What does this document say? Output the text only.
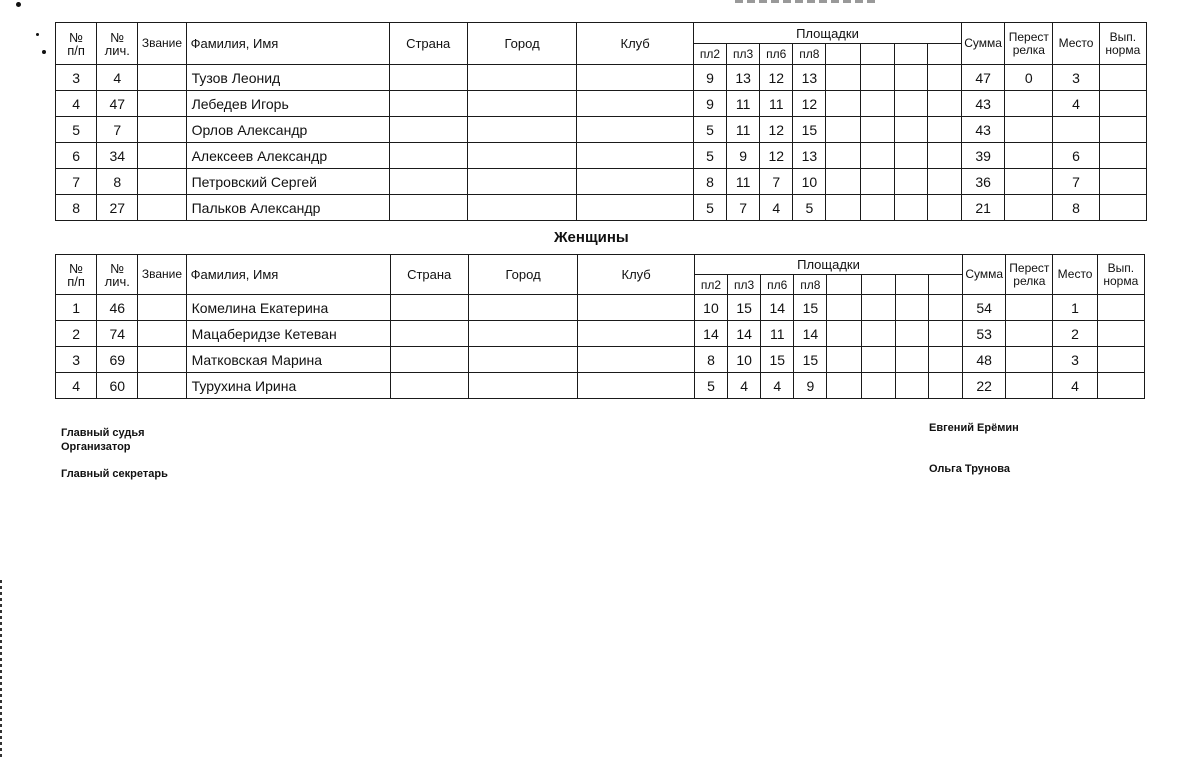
№
п/п	№
лич.	Звание	Фамилия, Имя	Страна	Город	Клуб	Площадки								Сумма	Перест
релка	Место	Вып.
норма
							пл2	пл3	пл6	пл8								
3	4		Тузов Леонид				9	13	12	13					47	0	3	
4	47		Лебедев Игорь				9	11	11	12					43		4	
5	7		Орлов Александр				5	11	12	15					43			
6	34		Алексеев Александр				5	9	12	13					39		6	
7	8		Петровский Сергей				8	11	7	10					36		7	
8	27		Пальков Александр				5	7	4	5					21		8	
Женщины
№
п/п	№
лич.	Звание	Фамилия, Имя	Страна	Город	Клуб	Площадки								Сумма	Перест
релка	Место	Вып.
норма
							пл2	пл3	пл6	пл8								
1	46		Комелина Екатерина				10	15	14	15					54		1	
2	74		Мацаберидзе Кетеван				14	14	11	14					53		2	
3	69		Матковская Марина				8	10	15	15					48		3	
4	60		Турухина Ирина				5	4	4	9					22		4	
Главный судья
Организатор
Главный секретарь
Евгений Ерёмин
Ольга Трунова
